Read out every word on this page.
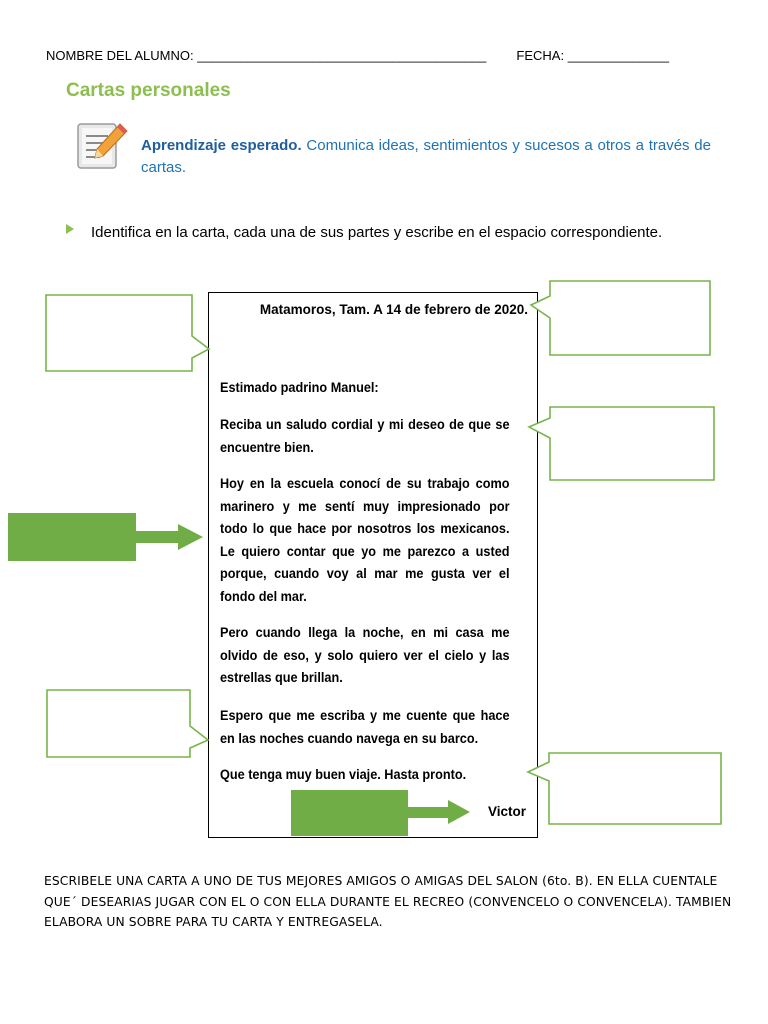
NOMBRE DEL ALUMNO: ________________________________________ FECHA: ______________
Cartas personales
Aprendizaje esperado. Comunica ideas, sentimientos y sucesos a otros a través de cartas.
Identifica en la carta, cada una de sus partes y escribe en el espacio correspondiente.
Matamoros, Tam. A 14 de febrero de 2020.
Estimado padrino Manuel:
Reciba un saludo cordial y mi deseo de que se encuentre bien.
Hoy en la escuela conocí de su trabajo como marinero y me sentí muy impresionado por todo lo que hace por nosotros los mexicanos. Le quiero contar que yo me parezco a usted porque, cuando voy al mar me gusta ver el fondo del mar.
Pero cuando llega la noche, en mi casa me olvido de eso, y solo quiero ver el cielo y las estrellas que brillan.
Espero que me escriba y me cuente que hace en las noches cuando navega en su barco.
Que tenga muy buen viaje. Hasta pronto.
Victor
ESCRIBELE UNA CARTA A UNO DE TUS MEJORES AMIGOS O AMIGAS DEL SALON (6to. B). EN ELLA CUENTALE QUE´ DESEARIAS JUGAR CON EL O CON ELLA DURANTE EL RECREO (CONVENCELO O CONVENCELA). TAMBIEN ELABORA UN SOBRE PARA TU CARTA Y ENTREGASELA.
